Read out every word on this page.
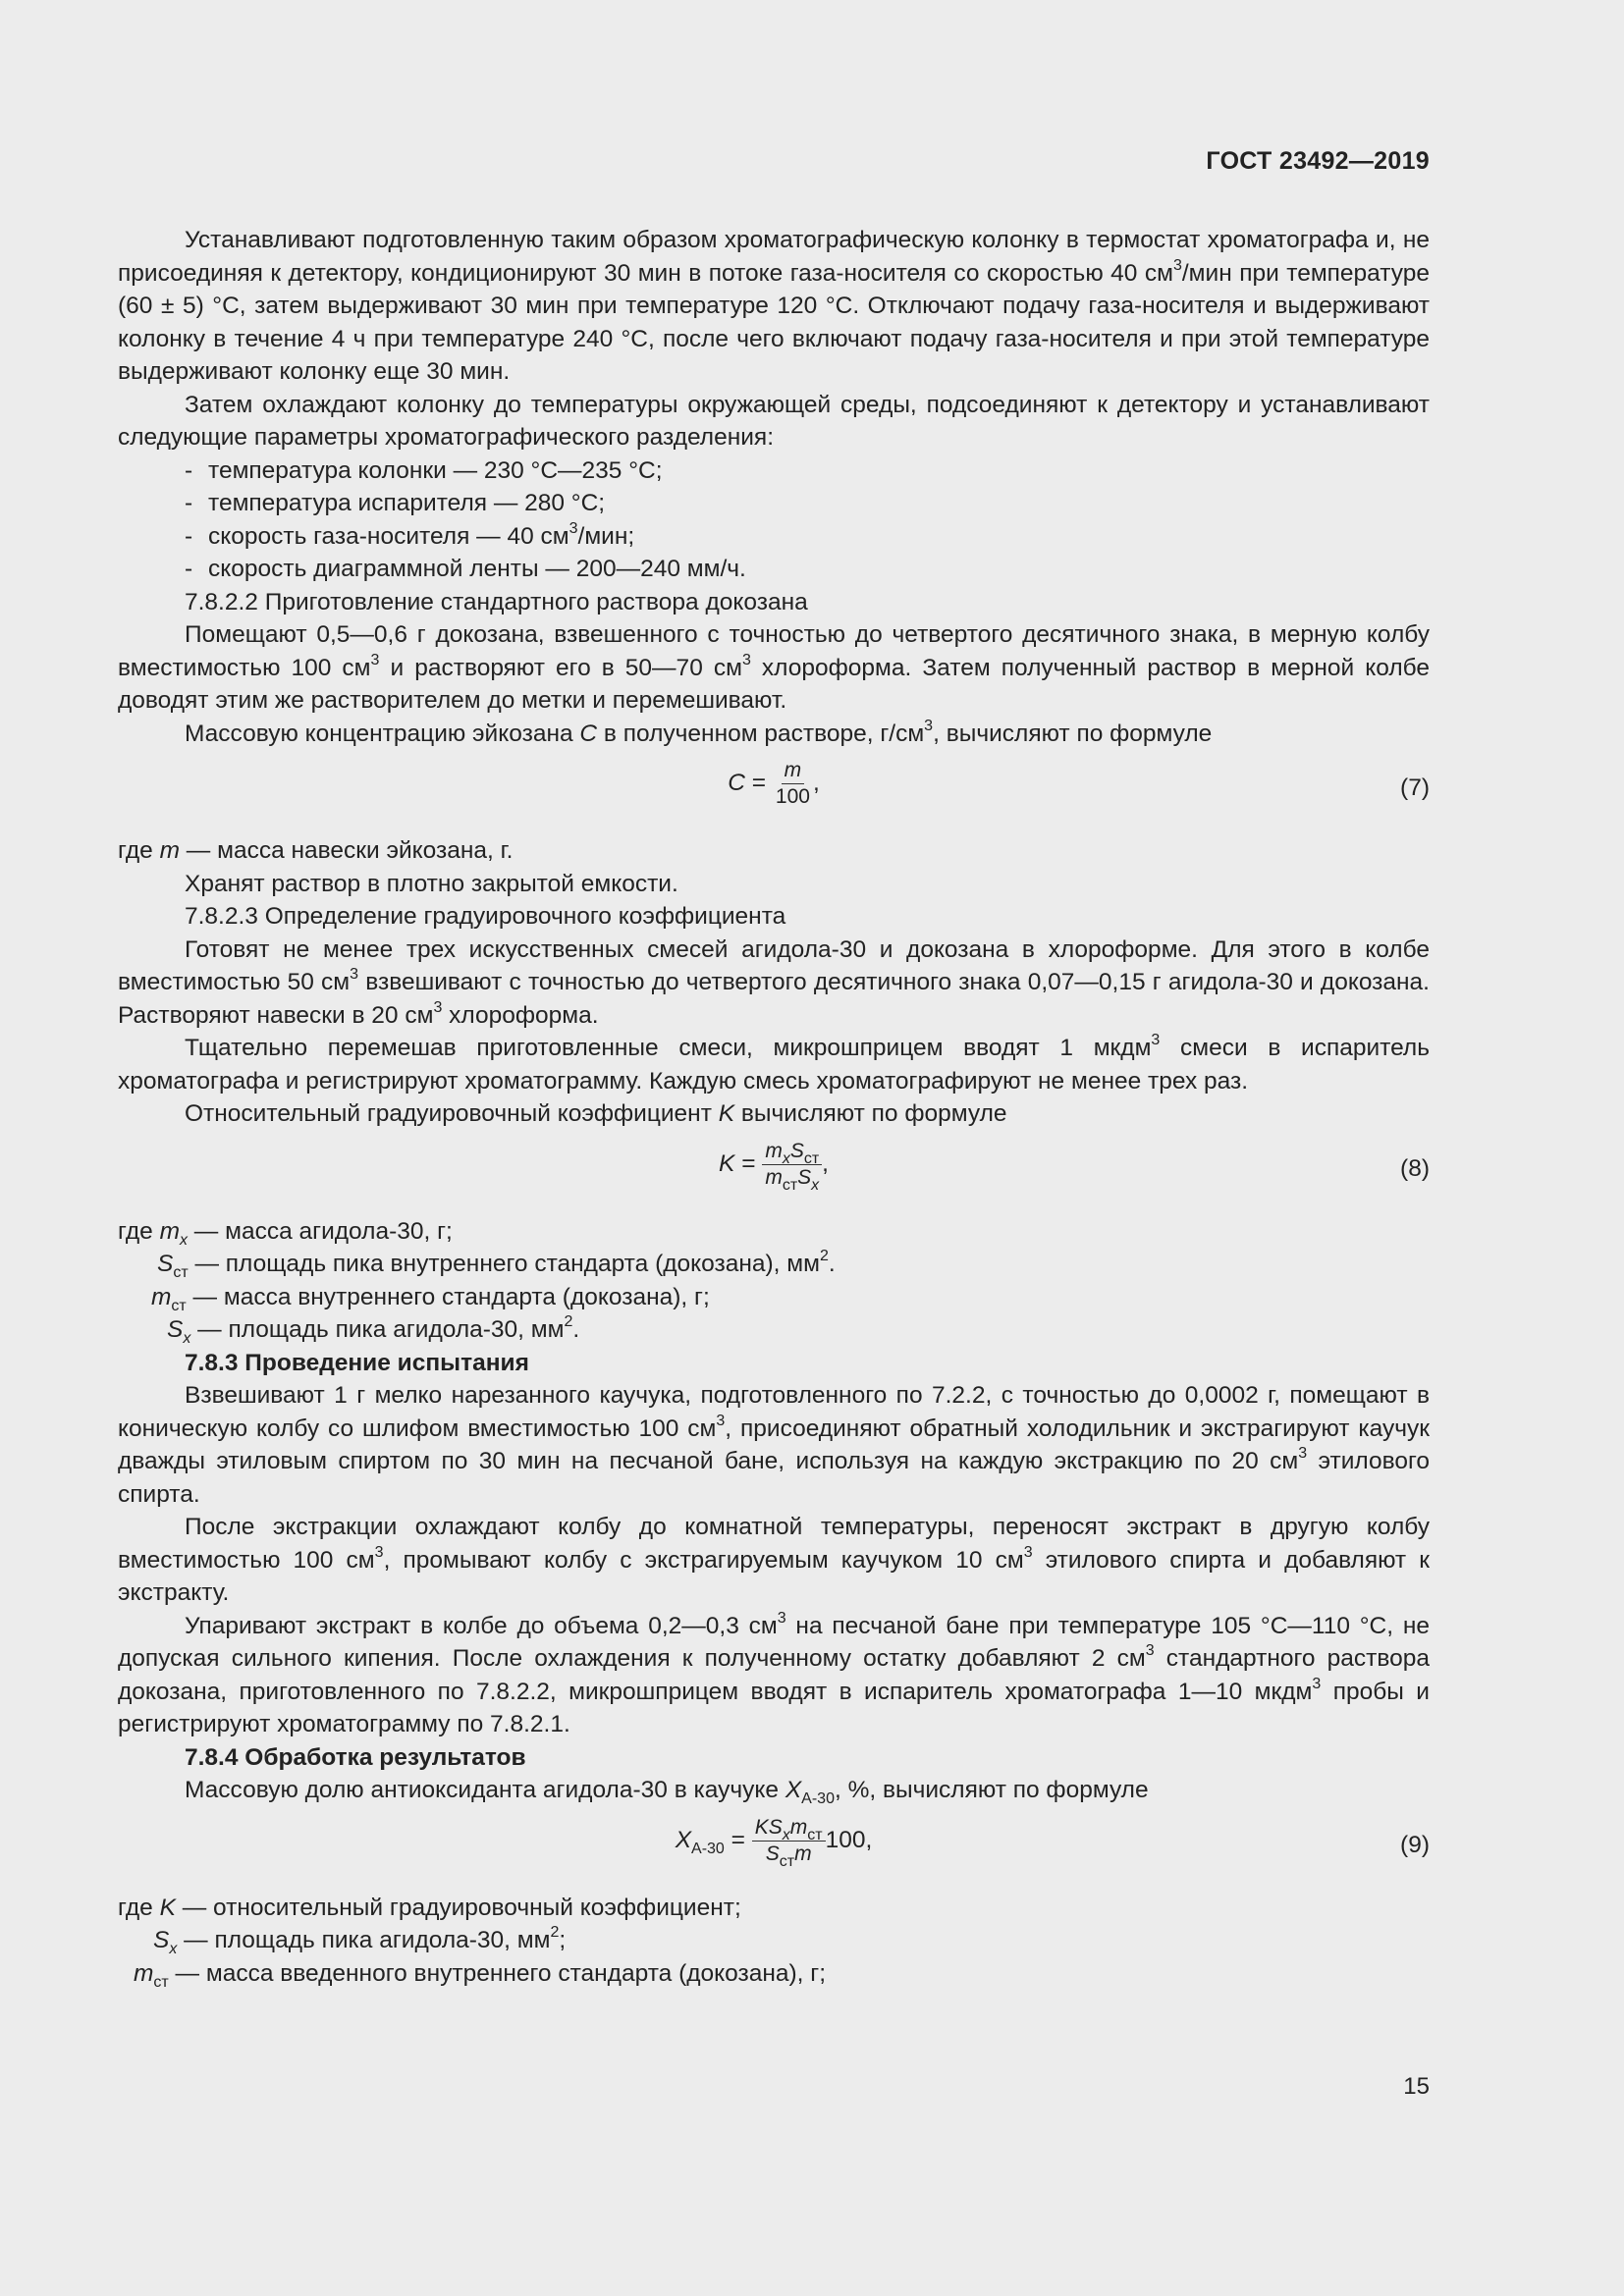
ГОСТ 23492—2019

Устанавливают подготовленную таким образом хроматографическую колонку в термостат хроматографа и, не присоединяя к детектору, кондиционируют 30 мин в потоке газа-носителя со скоростью 40 $см^3$/мин при температуре (60 ± 5) °С, затем выдерживают 30 мин при температуре 120 °С. Отключают подачу газа-носителя и выдерживают колонку в течение 4 ч при температуре 240 °С, после чего включают подачу газа-носителя и при этой температуре выдерживают колонку еще 30 мин.

Затем охлаждают колонку до температуры окружающей среды, подсоединяют к детектору и устанавливают следующие параметры хроматографического разделения:

- температура колонки — 230 °С—235 °С;
- температура испарителя — 280 °С;
- скорость газа-носителя — 40 $см^3$/мин;
- скорость диаграммной ленты — 200—240 мм/ч.
7.8.2.2 Приготовление стандартного раствора докозана

Помещают 0,5—0,6 г докозана, взвешенного с точностью до четвертого десятичного знака, в мерную колбу вместимостью 100 $см^3$ и растворяют его в 50—70 $см^3$ хлороформа. Затем полученный раствор в мерной колбе доводят этим же растворителем до метки и перемешивают.

Массовую концентрацию эйкозана C в полученном растворе, $г/см^3$, вычисляют по формуле

$C = \frac{m}{100}$ ,	(7)

где m — масса навески эйкозана, г.

Хранят раствор в плотно закрытой емкости.

7.8.2.3 Определение градуировочного коэффициента

Готовят не менее трех искусственных смесей агидола-30 и докозана в хлороформе. Для этого в колбе вместимостью 50 $см^3$ взвешивают с точностью до четвертого десятичного знака 0,07—0,15 г агидола-30 и докозана. Растворяют навески в 20 $см^3$ хлороформа.

Тщательно перемешав приготовленные смеси, микрошприцем вводят 1 мкдм$^3$ смеси в испаритель хроматографа и регистрируют хроматограмму. Каждую смесь хроматографируют не менее трех раз.

Относительный градуировочный коэффициент K вычисляют по формуле

$K = \frac{m_xS_{ст}}{m_{ст}S_x}$ ,	(8)
где $m_x$ — масса агидола-30, г;
$S_{ст}$ — площадь пика внутреннего стандарта (докозана), $мм^2$.
$m_{ст}$ — масса внутреннего стандарта (докозана), г;
$S_x$ — площадь пика агидола-30, $мм^2$.
7.8.3 Проведение испытания

Взвешивают 1 г мелко нарезанного каучука, подготовленного по 7.2.2, с точностью до 0,0002 г, помещают в коническую колбу со шлифом вместимостью 100 $см^3$, присоединяют обратный холодильник и экстрагируют каучук дважды этиловым спиртом по 30 мин на песчаной бане, используя на каждую экстракцию по 20 $см^3$ этилового спирта.

После экстракции охлаждают колбу до комнатной температуры, переносят экстракт в другую колбу вместимостью 100 $см^3$, промывают колбу с экстрагируемым каучуком 10 $см^3$ этилового спирта и добавляют к экстракту.

Упаривают экстракт в колбе до объема 0,2—0,3 $см^3$ на песчаной бане при температуре 105 °С—110 °С, не допуская сильного кипения. После охлаждения к полученному остатку добавляют 2 $см^3$ стандартного раствора докозана, приготовленного по 7.8.2.2, микрошприцем вводят в испаритель хроматографа 1—10 мкдм$^3$ пробы и регистрируют хроматограмму по 7.8.2.1.

7.8.4 Обработка результатов

Массовую долю антиоксиданта агидола-30 в каучуке $X_{А-30}$, %, вычисляют по формуле

$X_{А-30} = \frac{KS_xm_{ст}}{S_{ст}m} 100$,	(9)
где K — относительный градуировочный коэффициент;
$S_x$ — площадь пика агидола-30, $мм^2$;
$m_{ст}$ — масса введенного внутреннего стандарта (докозана), г;
15
